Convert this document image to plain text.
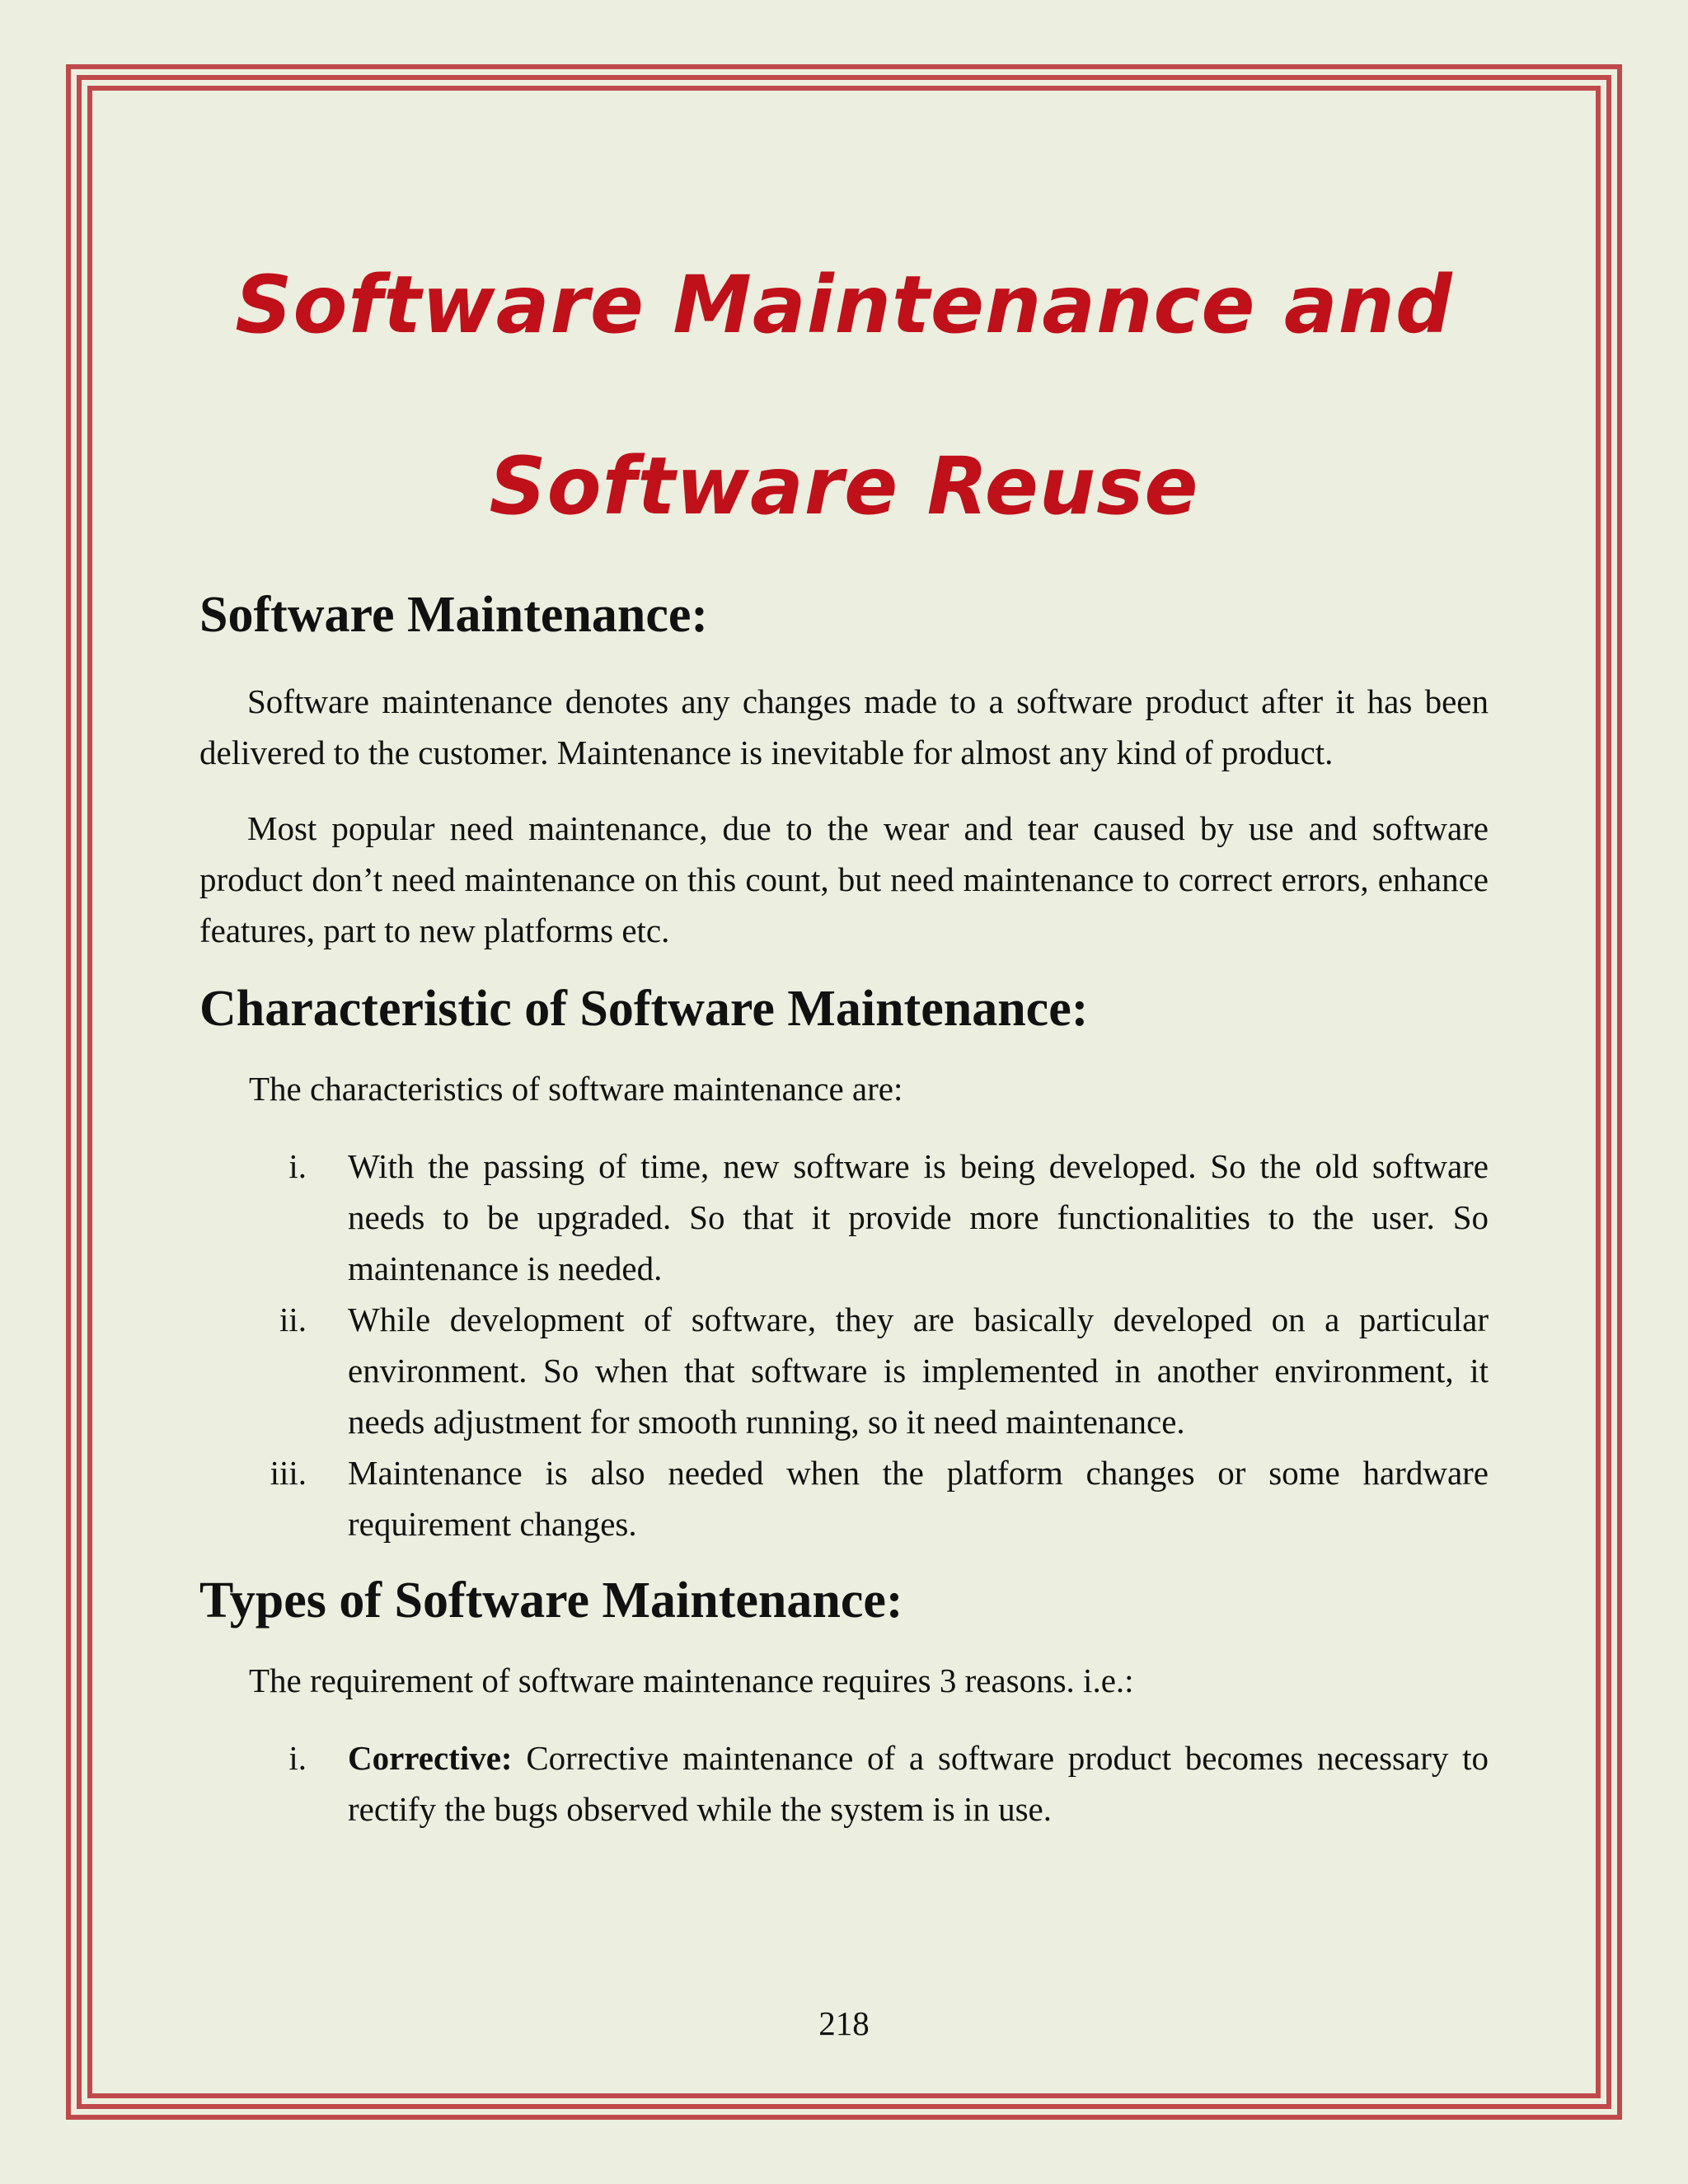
Software Maintenance and
Software Reuse
Software Maintenance:

Software maintenance denotes any changes made to a software product after it has been delivered to the customer. Maintenance is inevitable for almost any kind of product.

Most popular need maintenance, due to the wear and tear caused by use and software product don’t need maintenance on this count, but need maintenance to correct errors, enhance features, part to new platforms etc.

Characteristic of Software Maintenance:

The characteristics of software maintenance are:

i. With the passing of time, new software is being developed. So the old software needs to be upgraded. So that it provide more functionalities to the user. So maintenance is needed.
ii. While development of software, they are basically developed on a particular environment. So when that software is implemented in another environment, it needs adjustment for smooth running, so it need maintenance.
iii. Maintenance is also needed when the platform changes or some hardware requirement changes.
Types of Software Maintenance:

The requirement of software maintenance requires 3 reasons. i.e.:

i. Corrective: Corrective maintenance of a software product becomes necessary to rectify the bugs observed while the system is in use.
218
